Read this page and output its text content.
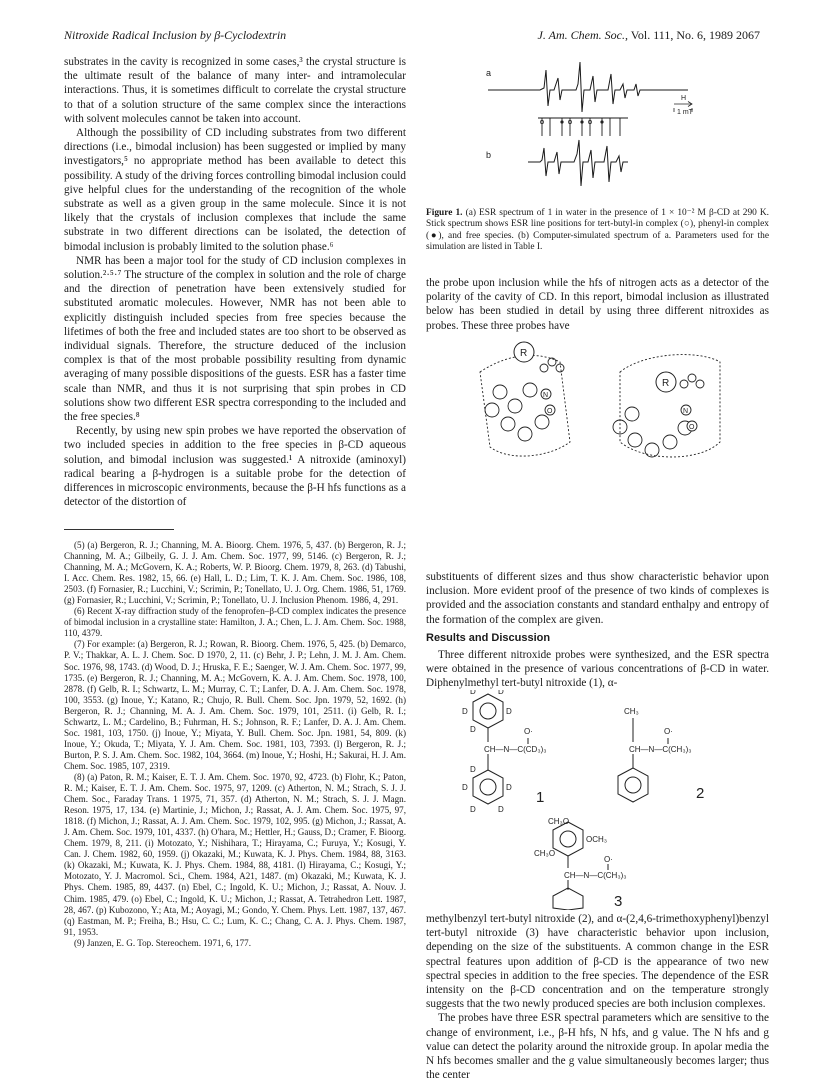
Nitroxide Radical Inclusion by β-Cyclodextrin	J. Am. Chem. Soc., Vol. 111, No. 6, 1989 2067

substrates in the cavity is recognized in some cases,³ the crystal structure is the ultimate result of the balance of many inter- and intramolecular interactions. Thus, it is sometimes difficult to correlate the crystal structure to that of a solution structure of the same complex since the interactions with solvent molecules cannot be taken into account.

Although the possibility of CD including substrates from two different directions (i.e., bimodal inclusion) has been suggested or implied by many investigators,⁵ no appropriate method has been available to detect this possibility. A study of the driving forces controlling bimodal inclusion could give helpful clues for the understanding of the recognition of the whole substrate as well as a given group in the same molecule. Since it is not likely that the crystals of inclusion complexes that include the same substrate in two different directions can be isolated, the detection of bimodal inclusion is probably limited to the solution phase.⁶

NMR has been a major tool for the study of CD inclusion complexes in solution.²·⁵·⁷ The structure of the complex in solution and the role of charge and the direction of penetration have been extensively studied for substituted aromatic molecules. However, NMR has not been able to explicitly distinguish included species from free species because the lifetimes of both the free and included states are too short to be observed as individual signals. Therefore, the structure deduced of the inclusion complex is that of the most probable possibility resulting from dynamic averaging of many possible dispositions of the guests. ESR has a faster time scale than NMR, and thus it is not surprising that spin probes in CD solutions show two different ESR spectra corresponding to the included and the free species.⁸

Recently, by using new spin probes we have reported the observation of two included species in addition to the free species in β-CD aqueous solution, and bimodal inclusion was suggested.¹ A nitroxide (aminoxyl) radical bearing a β-hydrogen is a suitable probe for the detection of differences in microscopic environments, because the β-H hfs functions as a detector of the distortion of

(5) (a) Bergeron, R. J.; Channing, M. A. Bioorg. Chem. 1976, 5, 437. (b) Bergeron, R. J.; Channing, M. A.; Gilbeily, G. J. J. Am. Chem. Soc. 1977, 99, 5146. (c) Bergeron, R. J.; Channing, M. A.; McGovern, K. A.; Roberts, W. P. Bioorg. Chem. 1979, 8, 263. (d) Tabushi, I. Acc. Chem. Res. 1982, 15, 66. (e) Hall, L. D.; Lim, T. K. J. Am. Chem. Soc. 1986, 108, 2503. (f) Fornasier, R.; Lucchini, V.; Scrimin, P.; Tonellato, U. J. Org. Chem. 1986, 51, 1769. (g) Fornasier, R.; Lucchini, V.; Scrimin, P.; Tonellato, U. J. Inclusion Phenom. 1986, 4, 291.

(6) Recent X-ray diffraction study of the fenoprofen–β-CD complex indicates the presence of bimodal inclusion in a crystalline state: Hamilton, J. A.; Chen, L. J. Am. Chem. Soc. 1988, 110, 4379.

(7) For example: (a) Bergeron, R. J.; Rowan, R. Bioorg. Chem. 1976, 5, 425. (b) Demarco, P. V.; Thakkar, A. L. J. Chem. Soc. D 1970, 2, 11. (c) Behr, J. P.; Lehn, J. M. J. Am. Chem. Soc. 1976, 98, 1743. (d) Wood, D. J.; Hruska, F. E.; Saenger, W. J. Am. Chem. Soc. 1977, 99, 1735. (e) Bergeron, R. J.; Channing, M. A.; McGovern, K. A. J. Am. Chem. Soc. 1978, 100, 2878. (f) Gelb, R. I.; Schwartz, L. M.; Murray, C. T.; Lanfer, D. A. J. Am. Chem. Soc. 1978, 100, 3553. (g) Inoue, Y.; Katano, R.; Chujo, R. Bull. Chem. Soc. Jpn. 1979, 52, 1692. (h) Bergeron, R. J.; Channing, M. A. J. Am. Chem. Soc. 1979, 101, 2511. (i) Gelb, R. I.; Schwartz, L. M.; Cardelino, B.; Fuhrman, H. S.; Johnson, R. F.; Lanfer, D. A. J. Am. Chem. Soc. 1981, 103, 1750. (j) Inoue, Y.; Miyata, Y. Bull. Chem. Soc. Jpn. 1981, 54, 809. (k) Inoue, Y.; Okuda, T.; Miyata, Y. J. Am. Chem. Soc. 1981, 103, 7393. (l) Bergeron, R. J.; Burton, P. S. J. Am. Chem. Soc. 1982, 104, 3664. (m) Inoue, Y.; Hoshi, H.; Sakurai, H. J. Am. Chem. Soc. 1985, 107, 2319.

(8) (a) Paton, R. M.; Kaiser, E. T. J. Am. Chem. Soc. 1970, 92, 4723. (b) Flohr, K.; Paton, R. M.; Kaiser, E. T. J. Am. Chem. Soc. 1975, 97, 1209. (c) Atherton, N. M.; Strach, S. J. J. Chem. Soc., Faraday Trans. 1 1975, 71, 357. (d) Atherton, N. M.; Strach, S. J. J. Magn. Reson. 1975, 17, 134. (e) Martinie, J.; Michon, J.; Rassat, A. J. Am. Chem. Soc. 1975, 97, 1818. (f) Michon, J.; Rassat, A. J. Am. Chem. Soc. 1979, 102, 995. (g) Michon, J.; Rassat, A. J. Am. Chem. Soc. 1979, 101, 4337. (h) O'hara, M.; Hettler, H.; Gauss, D.; Cramer, F. Bioorg. Chem. 1979, 8, 211. (i) Motozato, Y.; Nishihara, T.; Hirayama, C.; Furuya, Y.; Kosugi, Y. Can. J. Chem. 1982, 60, 1959. (j) Okazaki, M.; Kuwata, K. J. Phys. Chem. 1984, 88, 3163. (k) Okazaki, M.; Kuwata, K. J. Phys. Chem. 1984, 88, 4181. (l) Hirayama, C.; Kosugi, Y.; Motozato, Y. J. Macromol. Sci., Chem. 1984, A21, 1487. (m) Okazaki, M.; Kuwata, K. J. Phys. Chem. 1985, 89, 4437. (n) Ebel, C.; Ingold, K. U.; Michon, J.; Rassat, A. Nouv. J. Chim. 1985, 479. (o) Ebel, C.; Ingold, K. U.; Michon, J.; Rassat, A. Tetrahedron Lett. 1987, 28, 467. (p) Kubozono, Y.; Ata, M.; Aoyagi, M.; Gondo, Y. Chem. Phys. Lett. 1987, 137, 467. (q) Eastman, M. P.; Freiha, B.; Hsu, C. C.; Lum, K. C.; Chang, C. A. J. Phys. Chem. 1987, 91, 1953.

(9) Janzen, E. G. Top. Stereochem. 1971, 6, 177.

a
H
1 mT
b
Figure 1. (a) ESR spectrum of 1 in water in the presence of 1 × 10⁻² M β-CD at 290 K. Stick spectrum shows ESR line positions for tert-butyl-in complex (○), phenyl-in complex (●), and free species. (b) Computer-simulated spectrum of a. Parameters used for the simulation are listed in Table I.

the probe upon inclusion while the hfs of nitrogen acts as a detector of the polarity of the cavity of CD. In this report, bimodal inclusion as illustrated below has been studied in detail by using three different nitroxides as probes. These three probes have

R
N
O
R
N
O

substituents of different sizes and thus show characteristic behavior upon inclusion. More evident proof of the presence of two kinds of complexes is provided and the association constants and standard enthalpy and entropy of the formation of the complex are given.

Results and Discussion

Three different nitroxide probes were synthesized, and the ESR spectra were obtained in the presence of various concentrations of β-CD in water. Diphenylmethyl tert-butyl nitroxide (1), α-

D	D
D	D
D	O·
CH—N—C(CD₃)₃
D
D	D
D	D
1
CH₃
O·
CH—N—C(CH₃)₃
2
CH₃O
OCH₃
CH₃O
O·
CH—N—C(CH₃)₃
3

methylbenzyl tert-butyl nitroxide (2), and α-(2,4,6-trimethoxyphenyl)benzyl tert-butyl nitroxide (3) have characteristic behavior upon inclusion, depending on the size of the substituents. A common change in the ESR spectral features upon addition of β-CD is the appearance of two new spectral species in addition to the free species. The dependence of the ESR intensity on the β-CD concentration and on the temperature strongly suggests that the two newly produced species are both inclusion complexes.

The probes have three ESR spectral parameters which are sensitive to the change of environment, i.e., β-H hfs, N hfs, and g value. The N hfs and g value can detect the polarity around the nitroxide group. In apolar media the N hfs becomes smaller and the g value simultaneously becomes larger; thus the center
